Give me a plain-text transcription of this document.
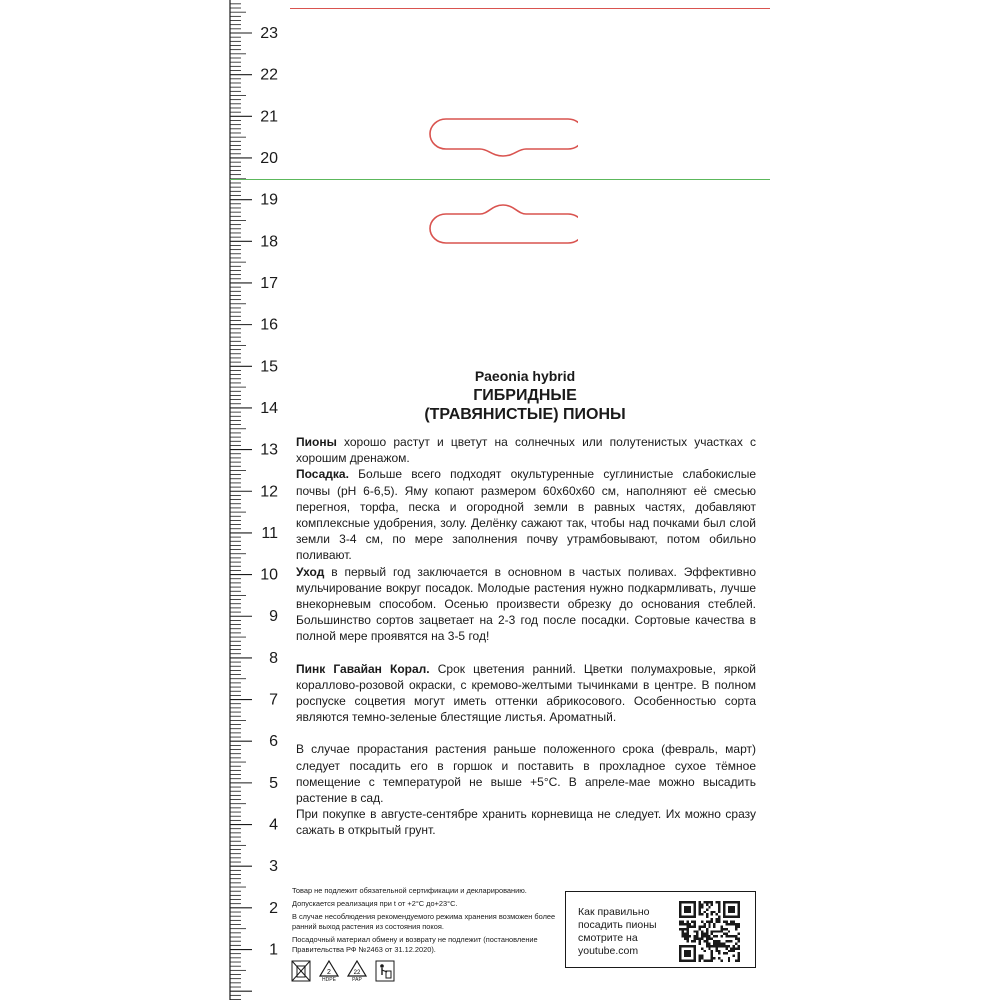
23
22
21
20
19
18
17
16
15
14
13
12
11
10
9
8
7
6
5
4
3
2
1
Paeonia hybrid
ГИБРИДНЫЕ
(ТРАВЯНИСТЫЕ) ПИОНЫ

Пионы хорошо растут и цветут на солнечных или полутенистых участках с хорошим дренажом.

Посадка. Больше всего подходят окультуренные суглинистые слабокислые почвы (pH 6-6,5). Яму копают размером 60х60х60 см, наполняют её смесью перегноя, торфа, песка и огородной земли в равных частях, добавляют комплексные удобрения, золу. Делёнку сажают так, чтобы над почками был слой земли 3-4 см, по мере заполнения почву утрамбовывают, потом обильно поливают.

Уход в первый год заключается в основном в частых поливах. Эффективно мульчирование вокруг посадок. Молодые растения нужно подкармливать, лучше внекорневым способом. Осенью произвести обрезку до основания стеблей. Большинство сортов зацветает на 2-3 год после посадки. Сортовые качества в полной мере проявятся на 3-5 год!

Пинк Гавайан Корал. Срок цветения ранний. Цветки полумахровые, яркой кораллово-розовой окраски, с кремово-желтыми тычинками в центре. В полном роспуске соцветия могут иметь оттенки абрикосового. Особенностью сорта являются темно-зеленые блестящие листья. Ароматный.

В случае прорастания растения раньше положенного срока (февраль, март) следует посадить его в горшок и поставить в прохладное сухое тёмное помещение с температурой не выше +5°С. В апреле-мае можно высадить растение в сад.

При покупке в августе-сентябре хранить корневища не следует. Их можно сразу сажать в открытый грунт.

Товар не подлежит обязательной сертификации и декларированию.

Допускается реализация при t от +2°С до+23°С.

В случае несоблюдения рекомендуемого режима хранения возможен более ранний выход растения из состояния покоя.

Посадочный материал обмену и возврату не подлежит (постановление Правительства РФ №2463 от 31.12.2020).

2
HDPE
22
PAP
Как правильно
посадить пионы
смотрите на
youtube.com
